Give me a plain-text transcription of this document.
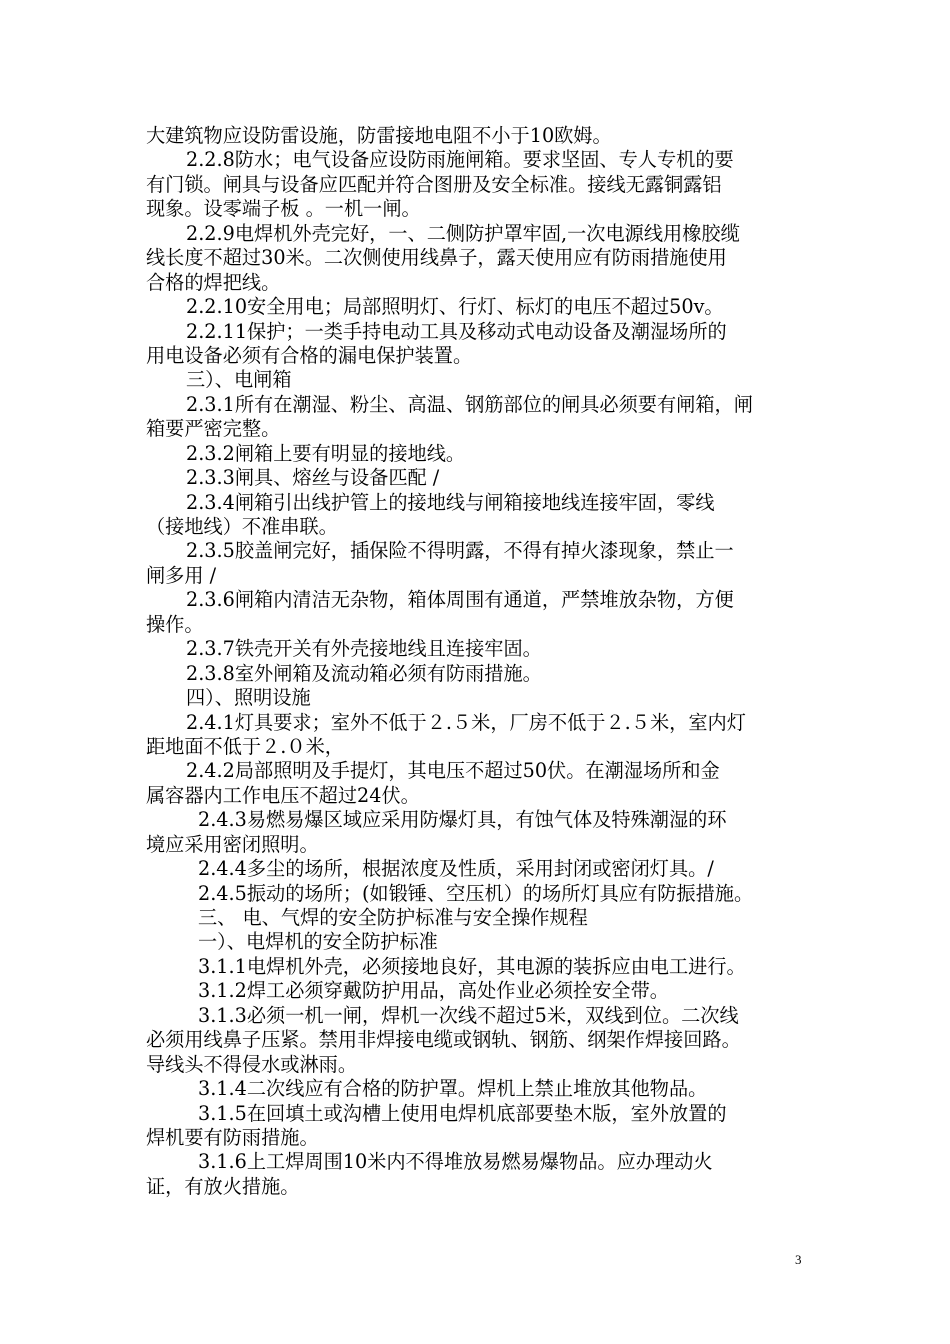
大建筑物应设防雷设施，防雷接地电阻不小于10欧姆。
2.2.8防水；电气设备应设防雨施闸箱。要求坚固、专人专机的要
有门锁。闸具与设备应匹配并符合图册及安全标准。接线无露铜露铝
现象。设零端子板 。一机一闸。
2.2.9电焊机外壳完好，一、二侧防护罩牢固,一次电源线用橡胶缆
线长度不超过30米。二次侧使用线鼻子，露天使用应有防雨措施使用
合格的焊把线。
2.2.10安全用电；局部照明灯、行灯、标灯的电压不超过50v。
2.2.11保护；一类手持电动工具及移动式电动设备及潮湿场所的
用电设备必须有合格的漏电保护装置。
三）、电闸箱
2.3.1所有在潮湿、粉尘、高温、钢筋部位的闸具必须要有闸箱，闸
箱要严密完整。
2.3.2闸箱上要有明显的接地线。
2.3.3闸具、熔丝与设备匹配 /
2.3.4闸箱引出线护管上的接地线与闸箱接地线连接牢固，零线
（接地线）不准串联。
2.3.5胶盖闸完好，插保险不得明露，不得有掉火漆现象，禁止一
闸多用 /
2.3.6闸箱内清洁无杂物，箱体周围有通道，严禁堆放杂物，方便
操作。
2.3.7铁壳开关有外壳接地线且连接牢固。
2.3.8室外闸箱及流动箱必须有防雨措施。
四）、照明设施
2.4.1灯具要求；室外不低于２.５米，厂房不低于２.５米，室内灯
距地面不低于２.０米，
2.4.2局部照明及手提灯，其电压不超过50伏。在潮湿场所和金
属容器内工作电压不超过24伏。
2.4.3易燃易爆区域应采用防爆灯具，有蚀气体及特殊潮湿的环
境应采用密闭照明。
2.4.4多尘的场所，根据浓度及性质，采用封闭或密闭灯具。/
2.4.5振动的场所；(如锻锤、空压机）的场所灯具应有防振措施。
三、 电、气焊的安全防护标准与安全操作规程
一）、电焊机的安全防护标准
3.1.1电焊机外壳，必须接地良好，其电源的装拆应由电工进行。
3.1.2焊工必须穿戴防护用品，高处作业必须拴安全带。
3.1.3必须一机一闸，焊机一次线不超过5米，双线到位。二次线
必须用线鼻子压紧。禁用非焊接电缆或钢轨、钢筋、纲架作焊接回路。
导线头不得侵水或淋雨。
3.1.4二次线应有合格的防护罩。焊机上禁止堆放其他物品。
3.1.5在回填土或沟槽上使用电焊机底部要垫木版，室外放置的
焊机要有防雨措施。
3.1.6上工焊周围10米内不得堆放易燃易爆物品。应办理动火
证，有放火措施。
3
